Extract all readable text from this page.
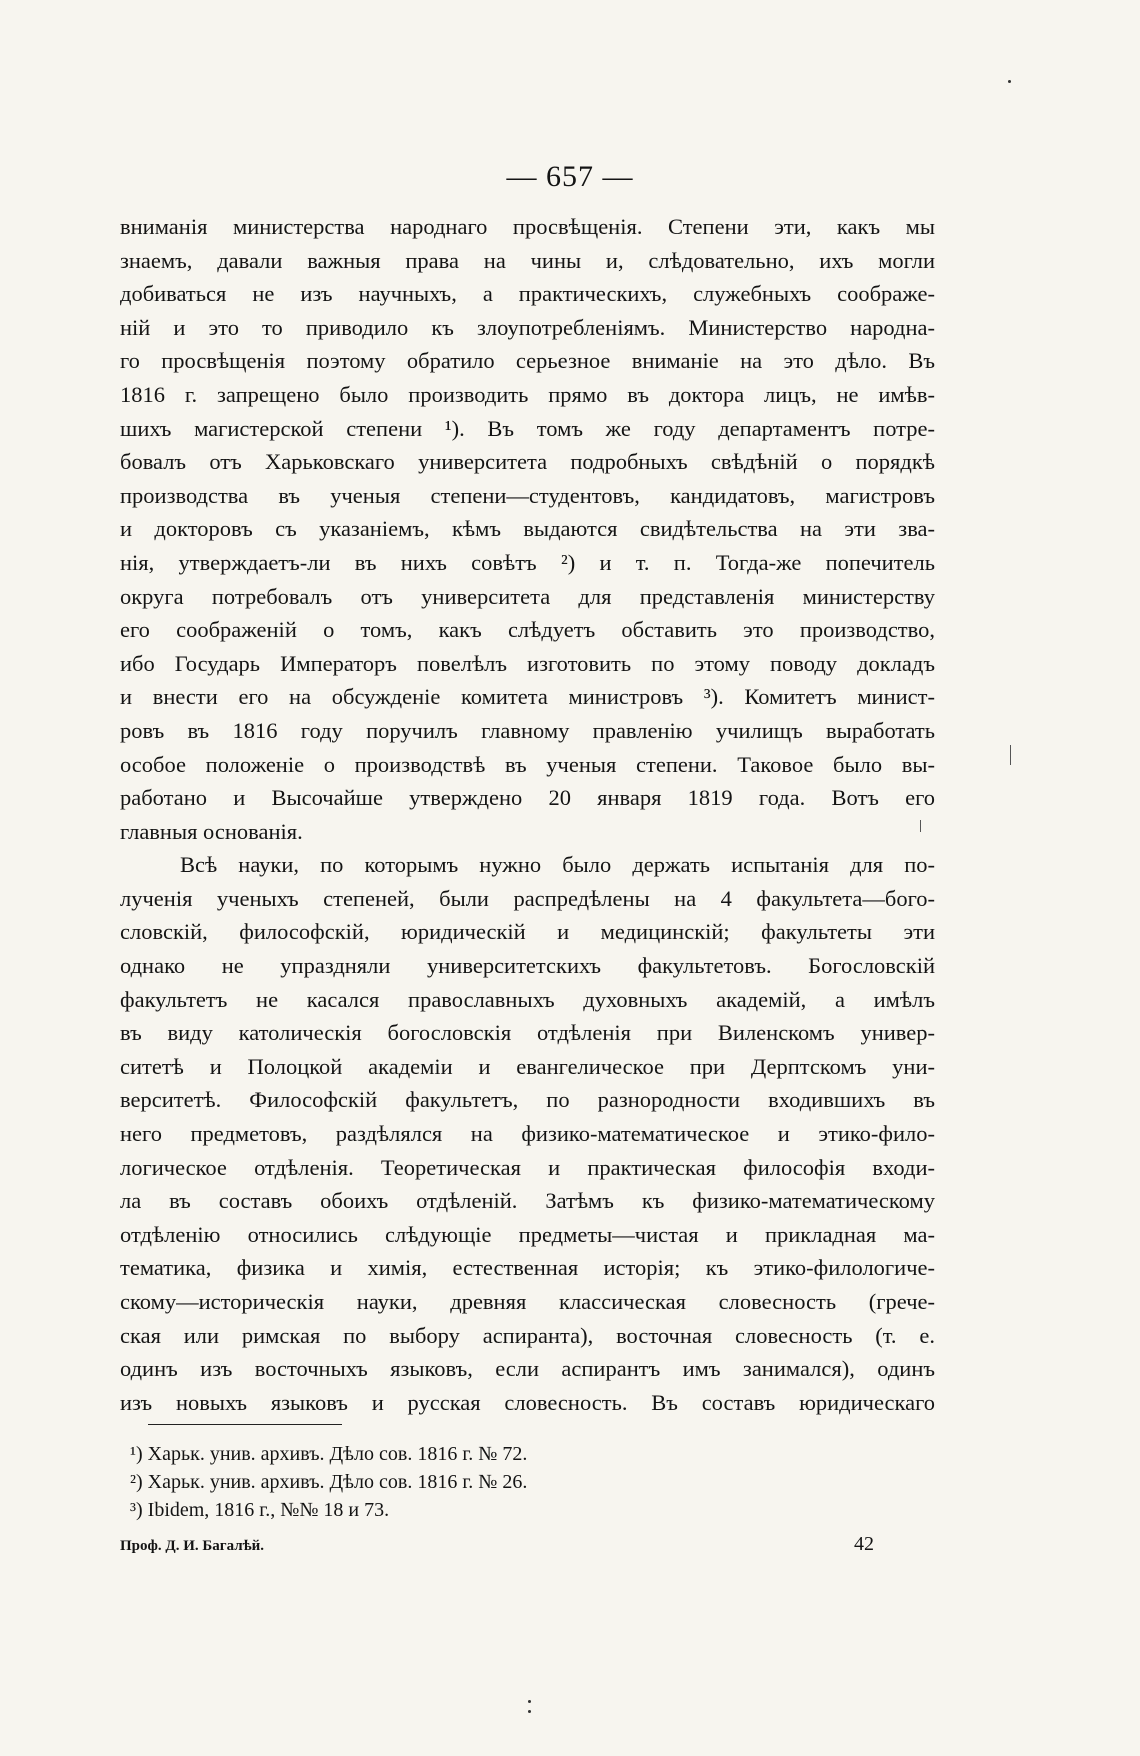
— 657 —
вниманія министерства народнаго просвѣщенія. Степени эти, какъ мы
знаемъ, давали важныя права на чины и, слѣдовательно, ихъ могли
добиваться не изъ научныхъ, а практическихъ, служебныхъ соображе-
ній и это то приводило къ злоупотребленіямъ. Министерство народна-
го просвѣщенія поэтому обратило серьезное вниманіе на это дѣло. Въ
1816 г. запрещено было производить прямо въ доктора лицъ, не имѣв-
шихъ магистерской степени ¹). Въ томъ же году департаментъ потре-
бовалъ отъ Харьковскаго университета подробныхъ свѣдѣній о порядкѣ
производства въ ученыя степени—студентовъ, кандидатовъ, магистровъ
и докторовъ съ указаніемъ, кѣмъ выдаются свидѣтельства на эти зва-
нія, утверждаетъ-ли въ нихъ совѣтъ ²) и т. п. Тогда-же попечитель
округа потребовалъ отъ университета для представленія министерству
его соображеній о томъ, какъ слѣдуетъ обставить это производство,
ибо Государь Императоръ повелѣлъ изготовить по этому поводу докладъ
и внести его на обсужденіе комитета министровъ ³). Комитетъ минист-
ровъ въ 1816 году поручилъ главному правленію училищъ выработать
особое положеніе о производствѣ въ ученыя степени. Таковое было вы-
работано и Высочайше утверждено 20 января 1819 года. Вотъ его
главныя основанія.
Всѣ науки, по которымъ нужно было держать испытанія для по-
лученія ученыхъ степеней, были распредѣлены на 4 факультета—бого-
словскій, философскій, юридическій и медицинскій; факультеты эти
однако не упраздняли университетскихъ факультетовъ. Богословскій
факультетъ не касался православныхъ духовныхъ академій, а имѣлъ
въ виду католическія богословскія отдѣленія при Виленскомъ универ-
ситетѣ и Полоцкой академіи и евангелическое при Дерптскомъ уни-
верситетѣ. Философскій факультетъ, по разнородности входившихъ въ
него предметовъ, раздѣлялся на физико-математическое и этико-фило-
логическое отдѣленія. Теоретическая и практическая философія входи-
ла въ составъ обоихъ отдѣленій. Затѣмъ къ физико-математическому
отдѣленію относились слѣдующіе предметы—чистая и прикладная ма-
тематика, физика и химія, естественная исторія; къ этико-филологиче-
скому—историческія науки, древняя классическая словесность (грече-
ская или римская по выбору аспиранта), восточная словесность (т. е.
одинъ изъ восточныхъ языковъ, если аспирантъ имъ занимался), одинъ
изъ новыхъ языковъ и русская словесность. Въ составъ юридическаго
¹) Харьк. унив. архивъ. Дѣло сов. 1816 г. № 72.
²) Харьк. унив. архивъ. Дѣло сов. 1816 г. № 26.
³) Ibidem, 1816 г., №№ 18 и 73.
Проф. Д. И. Багалѣй.	42
